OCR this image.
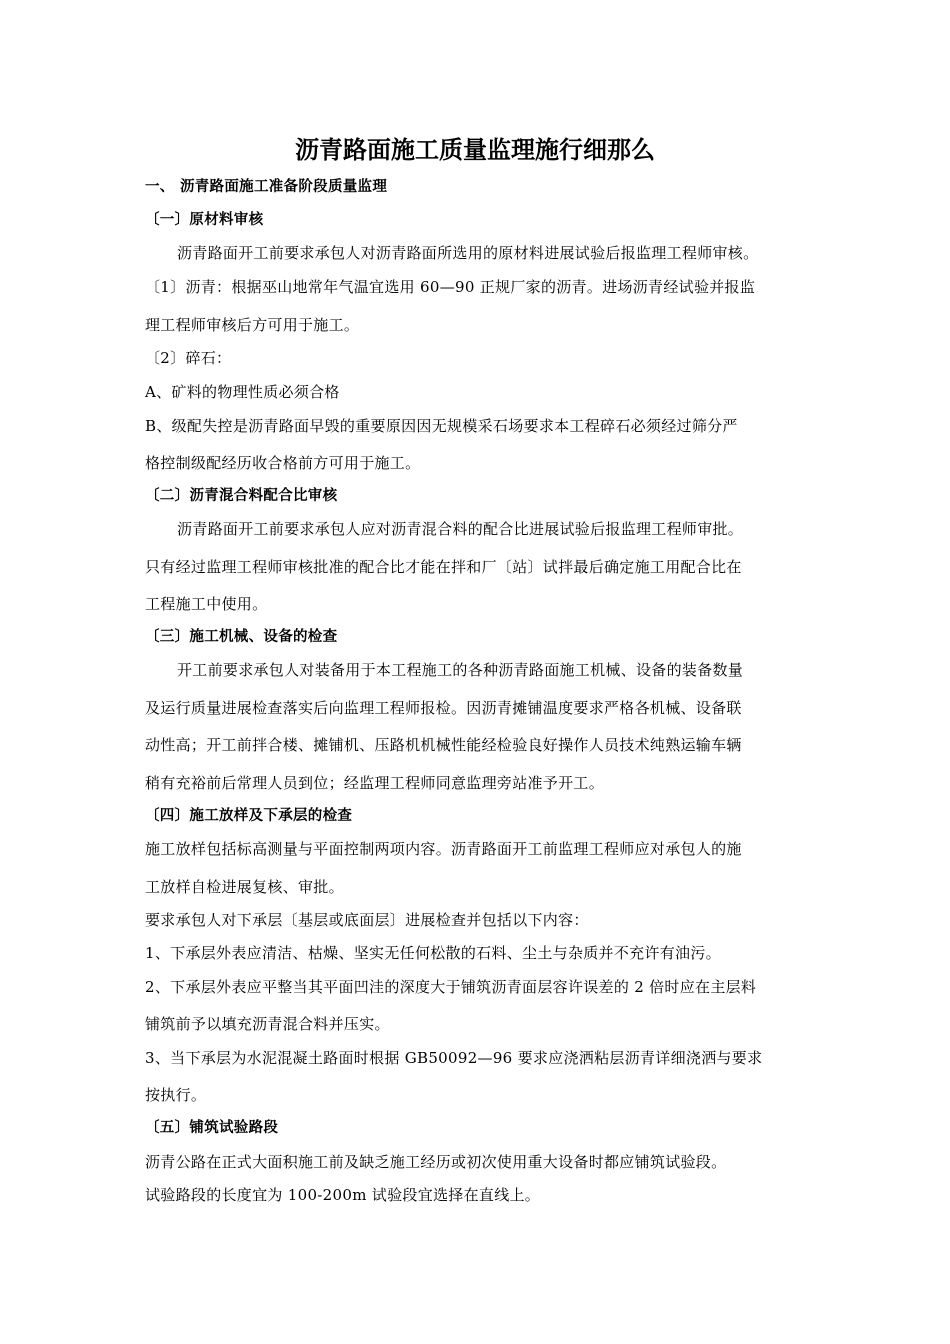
沥青路面施工质量监理施行细那么
一、 沥青路面施工准备阶段质量监理
〔一〕原材料审核
沥青路面开工前要求承包人对沥青路面所选用的原材料进展试验后报监理工程师审核。
〔1〕沥青：根据巫山地常年气温宜选用 60—90 正规厂家的沥青。进场沥青经试验并报监
理工程师审核后方可用于施工。
〔2〕碎石：
A、矿料的物理性质必须合格
B、级配失控是沥青路面早毁的重要原因因无规模采石场要求本工程碎石必须经过筛分严
格控制级配经历收合格前方可用于施工。
〔二〕沥青混合料配合比审核
沥青路面开工前要求承包人应对沥青混合料的配合比进展试验后报监理工程师审批。
只有经过监理工程师审核批准的配合比才能在拌和厂〔站〕试拌最后确定施工用配合比在
工程施工中使用。
〔三〕施工机械、设备的检查
开工前要求承包人对装备用于本工程施工的各种沥青路面施工机械、设备的装备数量
及运行质量进展检查落实后向监理工程师报检。因沥青摊铺温度要求严格各机械、设备联
动性高；开工前拌合楼、摊铺机、压路机机械性能经检验良好操作人员技术纯熟运输车辆
稍有充裕前后常理人员到位；经监理工程师同意监理旁站准予开工。
〔四〕施工放样及下承层的检查
施工放样包括标高测量与平面控制两项内容。沥青路面开工前监理工程师应对承包人的施
工放样自检进展复核、审批。
要求承包人对下承层〔基层或底面层〕进展检查并包括以下内容：
1、下承层外表应清洁、枯燥、坚实无任何松散的石料、尘土与杂质并不充许有油污。
2、下承层外表应平整当其平面凹洼的深度大于铺筑沥青面层容许误差的 2 倍时应在主层料
铺筑前予以填充沥青混合料并压实。
3、当下承层为水泥混凝土路面时根据 GB50092—96 要求应浇洒粘层沥青详细浇洒与要求
按执行。
〔五〕铺筑试验路段
沥青公路在正式大面积施工前及缺乏施工经历或初次使用重大设备时都应铺筑试验段。
试验路段的长度宜为 100-200m 试验段宜选择在直线上。
